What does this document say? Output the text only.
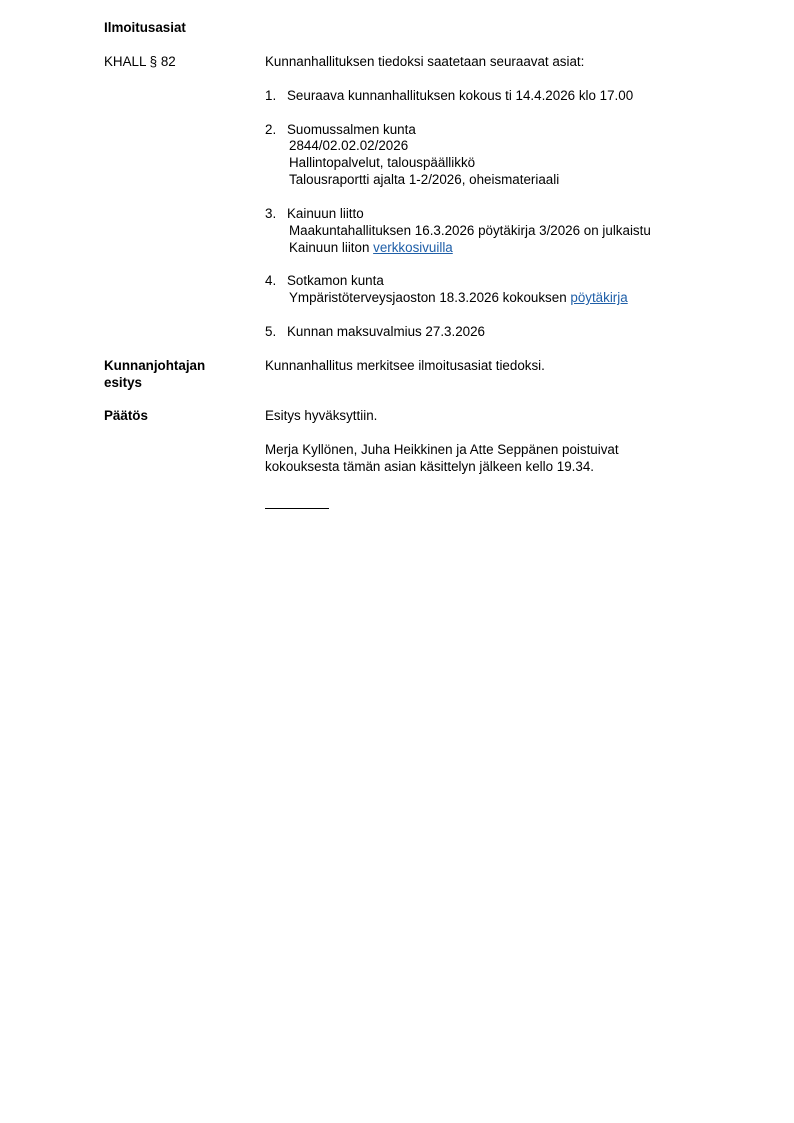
Ilmoitusasiat
KHALL § 82	Kunnanhallituksen tiedoksi saatetaan seuraavat asiat:
1. Seuraava kunnanhallituksen kokous ti 14.4.2026 klo 17.00
2. Suomussalmen kunta
2844/02.02.02/2026
Hallintopalvelut, talouspäällikkö
Talousraportti ajalta 1-2/2026, oheismateriaali
3. Kainuun liitto
Maakuntahallituksen 16.3.2026 pöytäkirja 3/2026 on julkaistu
Kainuun liiton verkkosivuilla
4. Sotkamon kunta
Ympäristöterveysjaoston 18.3.2026 kokouksen pöytäkirja
5. Kunnan maksuvalmius 27.3.2026
Kunnanjohtajan
esitys
Kunnanhallitus merkitsee ilmoitusasiat tiedoksi.
Päätös	Esitys hyväksyttiin.
Merja Kyllönen, Juha Heikkinen ja Atte Seppänen poistuivat
kokouksesta tämän asian käsittelyn jälkeen kello 19.34.
